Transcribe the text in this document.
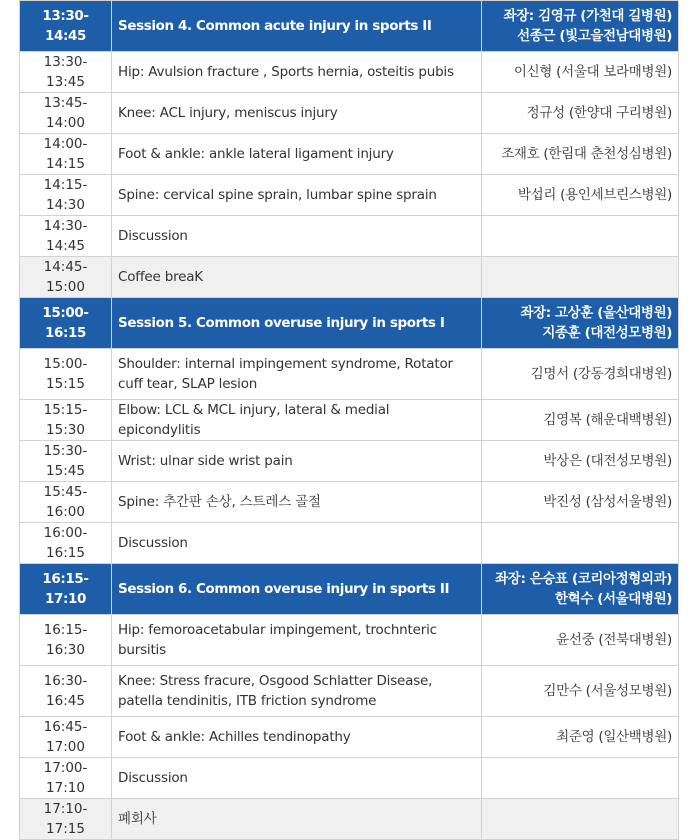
13:30-14:45	Session 4. Common acute injury in sports II	좌장: 김영규 (가천대 길병원)
선종근 (빛고을전남대병원)
13:30-13:45	Hip: Avulsion fracture , Sports hernia, osteitis pubis	이신형 (서울대 보라매병원)
13:45-14:00	Knee: ACL injury, meniscus injury	정규성 (한양대 구리병원)
14:00-14:15	Foot & ankle: ankle lateral ligament injury	조재호 (한림대 춘천성심병원)
14:15-14:30	Spine: cervical spine sprain, lumbar spine sprain	박섭리 (용인세브린스병원)
14:30-14:45	Discussion	
14:45-15:00	Coffee breaK	
15:00-16:15	Session 5. Common overuse injury in sports I	좌장: 고상훈 (울산대병원)
지종훈 (대전성모병원)
15:00-15:15	Shoulder: internal impingement syndrome, Rotator cuff tear, SLAP lesion	김명서 (강동경희대병원)
15:15-15:30	Elbow: LCL & MCL injury, lateral & medial epicondylitis	김영복 (해운대백병원)
15:30-15:45	Wrist: ulnar side wrist pain	박상은 (대전성모병원)
15:45-16:00	Spine: 추간판 손상, 스트레스 골절	박진성 (삼성서울병원)
16:00-16:15	Discussion	
16:15-17:10	Session 6. Common overuse injury in sports II	좌장: 은승표 (코리아정형외과)
한혁수 (서울대병원)
16:15-16:30	Hip: femoroacetabular impingement, trochnteric bursitis	윤선중 (전북대병원)
16:30-16:45	Knee: Stress fracure, Osgood Schlatter Disease, patella tendinitis, ITB friction syndrome	김만수 (서울성모병원)
16:45-17:00	Foot & ankle: Achilles tendinopathy	최준영 (일산백병원)
17:00-17:10	Discussion	
17:10-17:15	폐회사	
